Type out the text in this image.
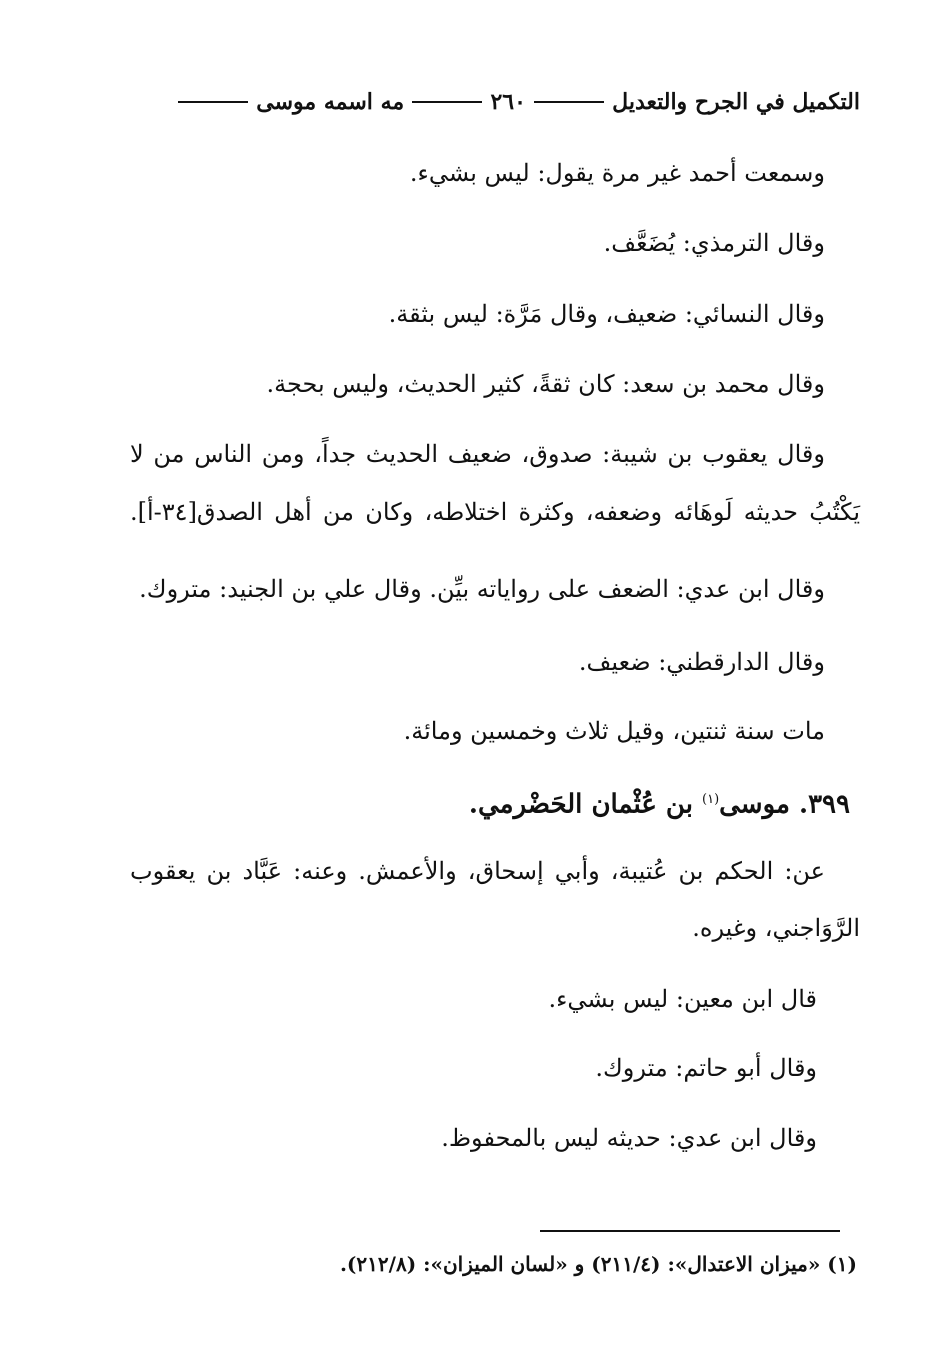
التكميل في الجرح والتعديل
٢٦٠
مه اسمه موسى
وسمعت أحمد غير مرة يقول: ليس بشيء.
وقال الترمذي: يُضَعَّف.
وقال النسائي: ضعيف، وقال مَرَّة: ليس بثقة.
وقال محمد بن سعد: كان ثقةً، كثير الحديث، وليس بحجة.
وقال يعقوب بن شيبة: صدوق، ضعيف الحديث جداً، ومن الناس من لا
يَكْتُبُ حديثه لَوهَائه وضعفه، وكثرة اختلاطه، وكان من أهل الصدق[٣٤-أ].
وقال ابن عدي: الضعف على رواياته بيِّن. وقال علي بن الجنيد: متروك.
وقال الدارقطني: ضعيف.
مات سنة ثنتين، وقيل ثلاث وخمسين ومائة.
٣٩٩. موسى$^{(١)}$ بن عُثْمان الحَضْرمي.
عن: الحكم بن عُتيبة، وأبي إسحاق، والأعمش. وعنه: عَبَّاد بن يعقوب
الرَّوَاجني، وغيره.
قال ابن معين: ليس بشيء.
وقال أبو حاتم: متروك.
وقال ابن عدي: حديثه ليس بالمحفوظ.
(١) «ميزان الاعتدال»: (٢١١/٤) و «لسان الميزان»: (٢١٢/٨).
